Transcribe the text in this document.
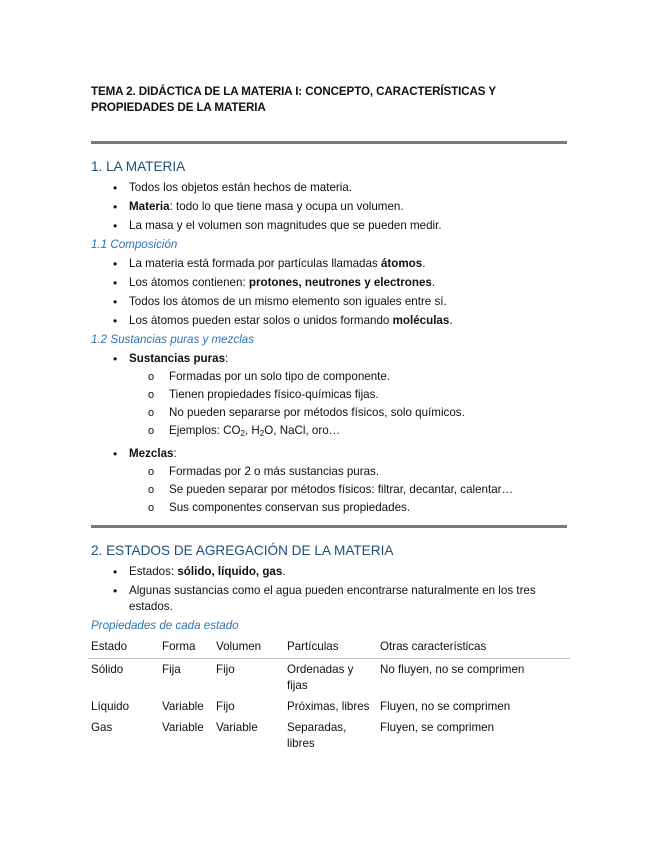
TEMA 2. DIDÁCTICA DE LA MATERIA I: CONCEPTO, CARACTERÍSTICAS Y
PROPIEDADES DE LA MATERIA

1. LA MATERIA
• Todos los objetos están hechos de materia.
• Materia: todo lo que tiene masa y ocupa un volumen.
• La masa y el volumen son magnitudes que se pueden medir.
1.1 Composición
• La materia está formada por partículas llamadas átomos.
• Los átomos contienen: protones, neutrones y electrones.
• Todos los átomos de un mismo elemento son iguales entre sí.
• Los átomos pueden estar solos o unidos formando moléculas.
1.2 Sustancias puras y mezclas
• Sustancias puras:
o Formadas por un solo tipo de componente.
o Tienen propiedades físico-químicas fijas.
o No pueden separarse por métodos físicos, solo químicos.
o Ejemplos: $CO_2$, $H_2O$, NaCl, oro…
• Mezclas:
o Formadas por 2 o más sustancias puras.
o Se pueden separar por métodos físicos: filtrar, decantar, calentar…
o Sus componentes conservan sus propiedades.
2. ESTADOS DE AGREGACIÓN DE LA MATERIA
• Estados: sólido, líquido, gas.
• Algunas sustancias como el agua pueden encontrarse naturalmente en los tres estados.
Propiedades de cada estado
Estado	Forma	Volumen	Partículas	Otras características
Sólido	Fija	Fijo	Ordenadas y fijas	No fluyen, no se comprimen
Líquido	Variable	Fijo	Próximas, libres	Fluyen, no se comprimen
Gas	Variable	Variable	Separadas, libres	Fluyen, se comprimen
